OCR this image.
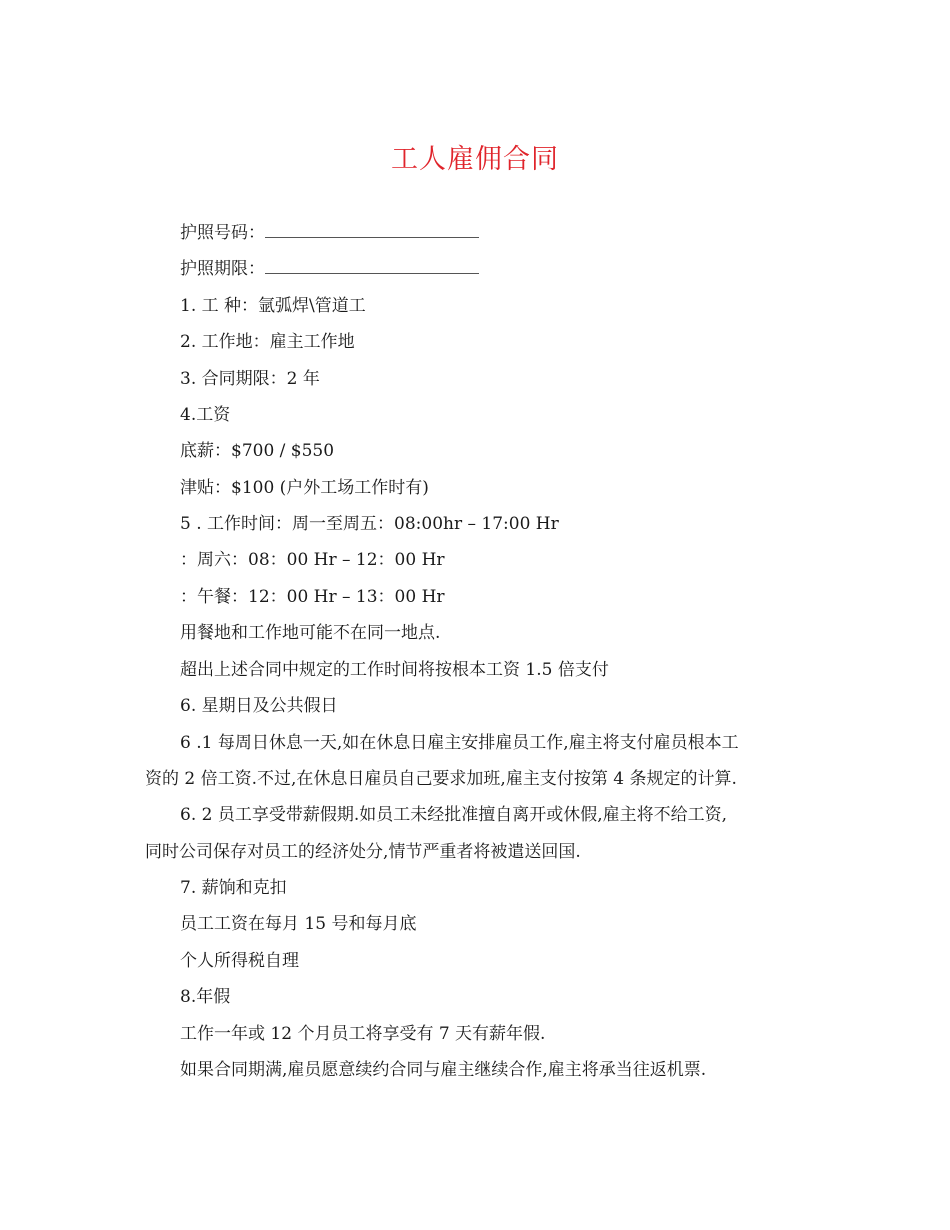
工人雇佣合同
护照号码：
护照期限：
1. 工 种：氩弧焊\管道工
2. 工作地：雇主工作地
3. 合同期限：2 年
4.工资
底薪：$700 / $550
津贴：$100 (户外工场工作时有)
5 . 工作时间：周一至周五：08:00hr – 17:00 Hr
：周六：08：00 Hr – 12：00 Hr
：午餐：12：00 Hr – 13：00 Hr
用餐地和工作地可能不在同一地点.
超出上述合同中规定的工作时间将按根本工资 1.5 倍支付
6. 星期日及公共假日
6 .1 每周日休息一天,如在休息日雇主安排雇员工作,雇主将支付雇员根本工
资的 2 倍工资.不过,在休息日雇员自己要求加班,雇主支付按第 4 条规定的计算.
6. 2 员工享受带薪假期.如员工未经批准擅自离开或休假,雇主将不给工资,
同时公司保存对员工的经济处分,情节严重者将被遣送回国.
7. 薪饷和克扣
员工工资在每月 15 号和每月底
个人所得税自理
8.年假
工作一年或 12 个月员工将享受有 7 天有薪年假.
如果合同期满,雇员愿意续约合同与雇主继续合作,雇主将承当往返机票.
